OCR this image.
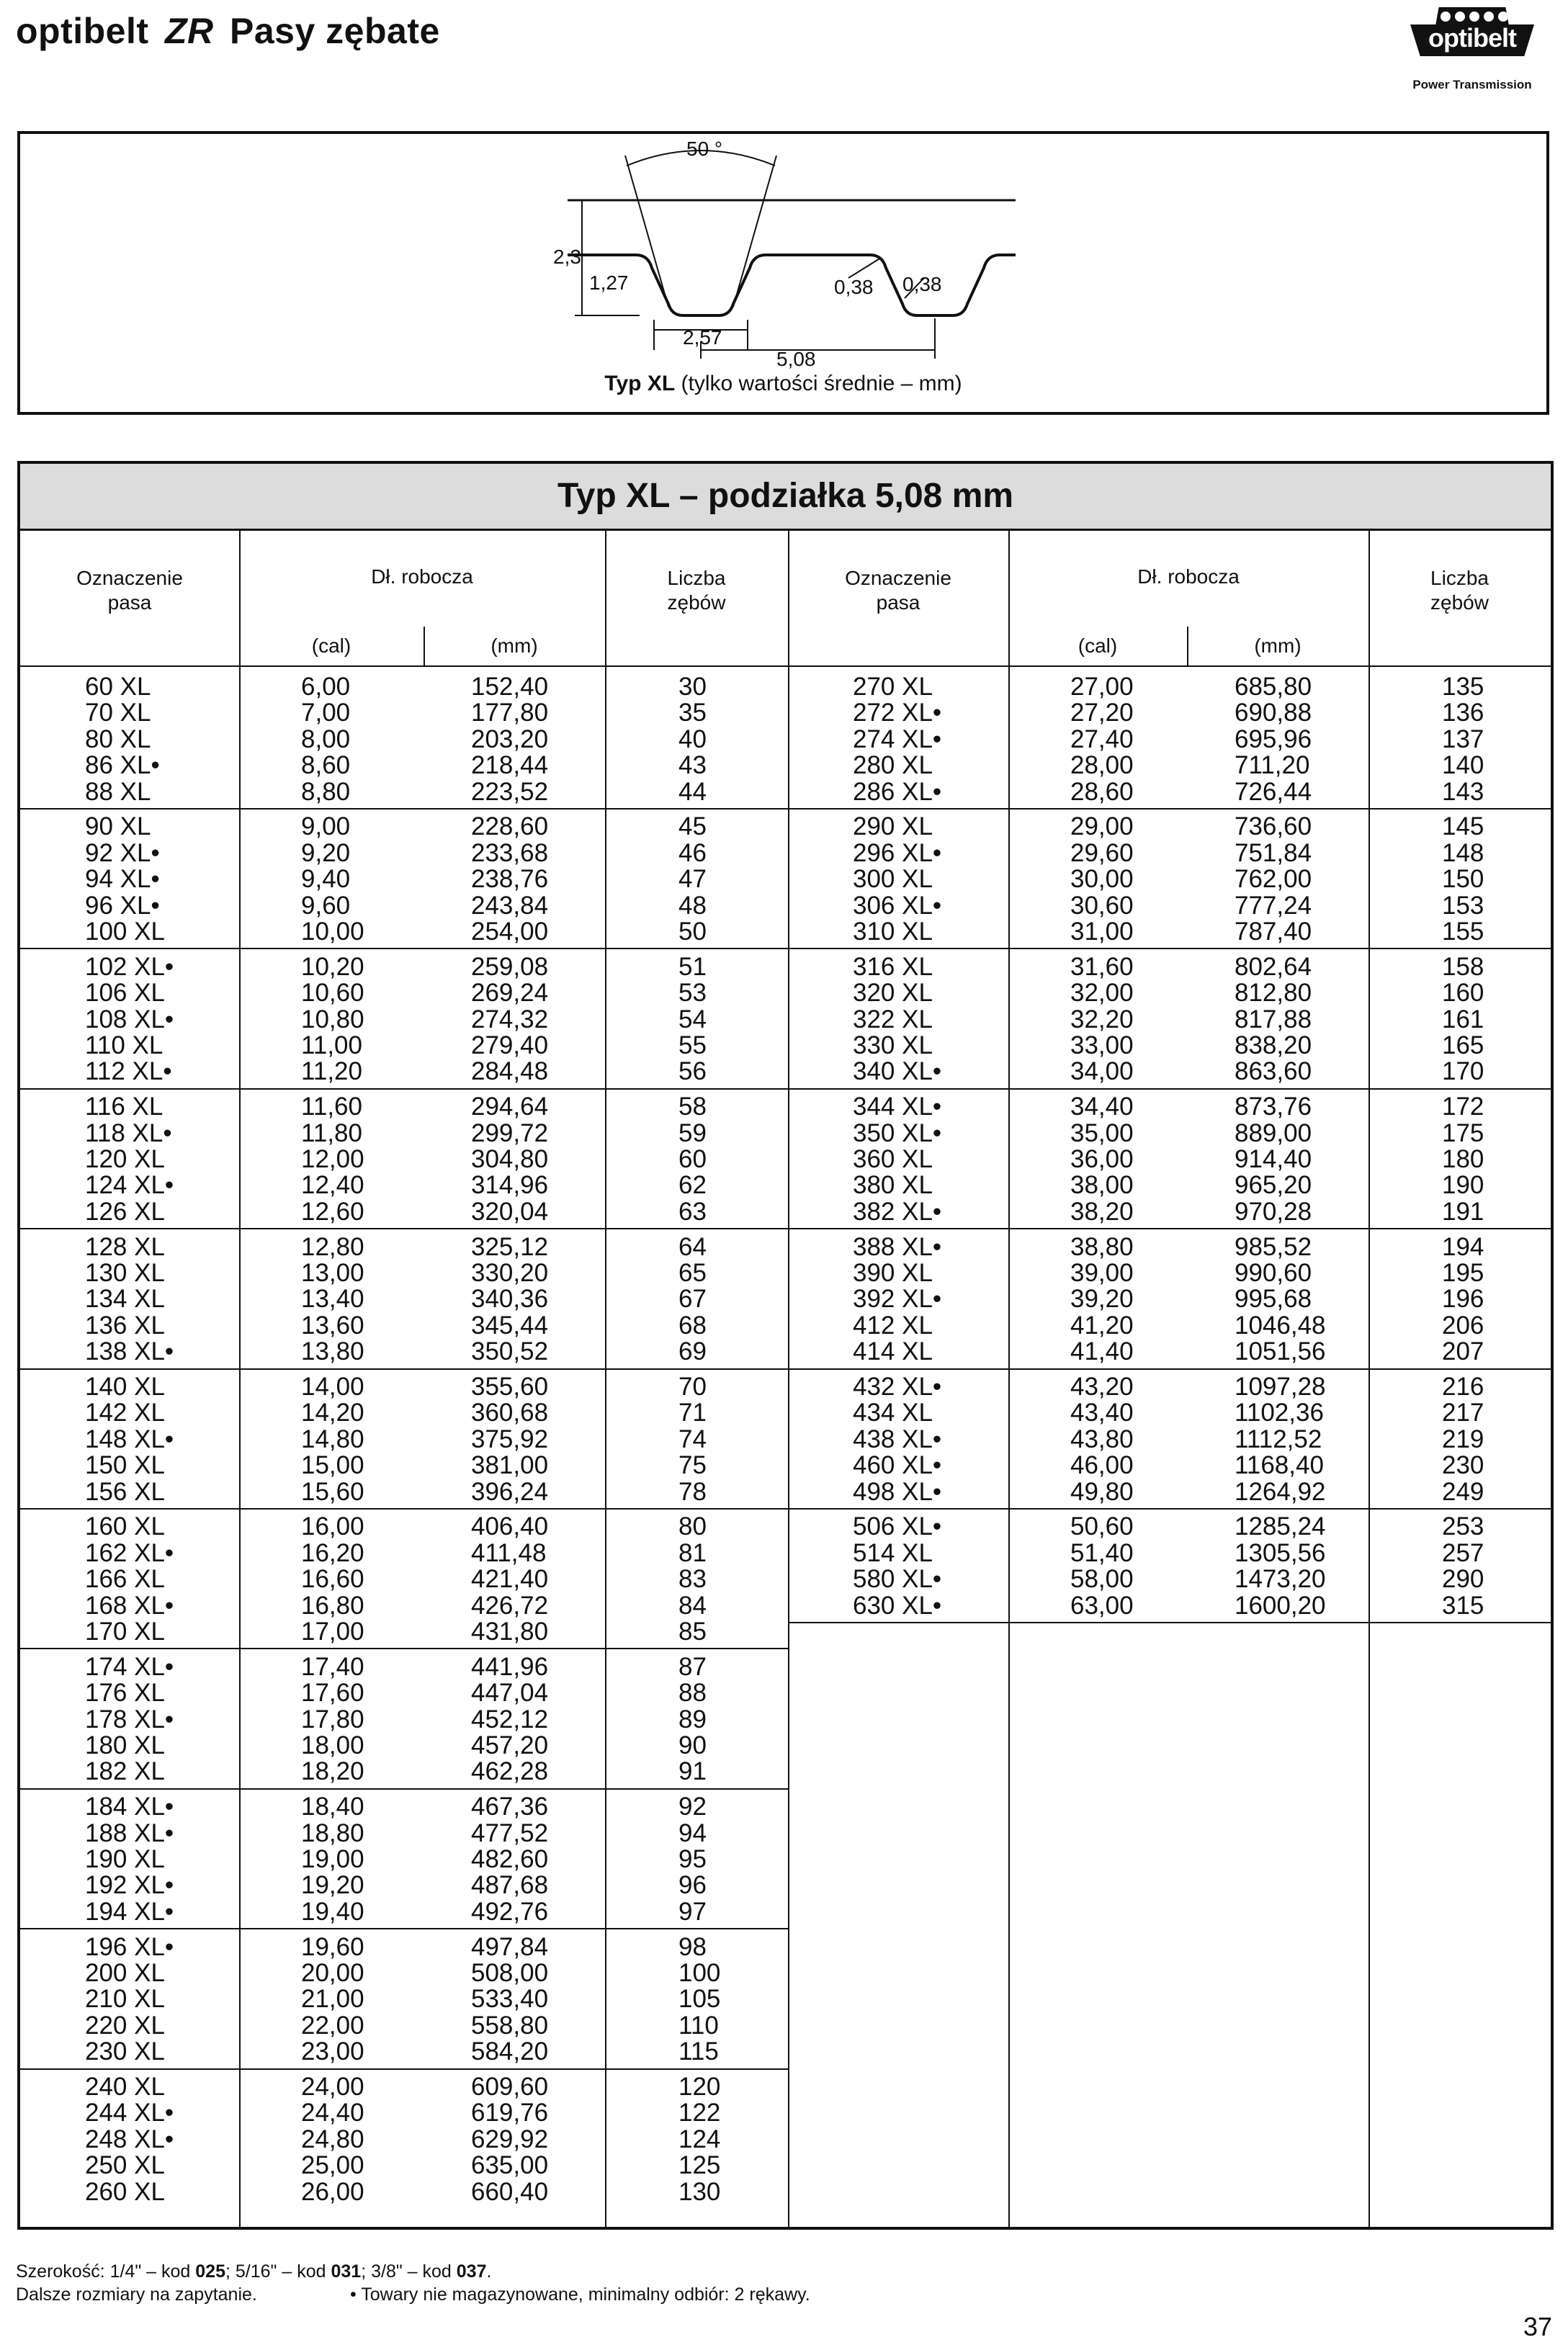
optibelt ZR Pasy zębate	optibelt
Power Transmission
50 °
2,3
1,27	0,38 0,38
2,57
5,08
Typ XL (tylko wartości średnie – mm)
Typ XL – podziałka 5,08 mm
Oznaczenie
pasa
Dł. robocza	Liczba
zębów
(cal)	(mm)
Oznaczenie
pasa
Dł. robocza	Liczba
zębów
(cal)	(mm)
60 XL	6,00	152,40	30
70 XL	7,00	177,80	35
80 XL	8,00	203,20	40
86 XL•	8,60	218,44	43
88 XL	8,80	223,52	44
90 XL	9,00	228,60	45
92 XL•	9,20	233,68	46
94 XL•	9,40	238,76	47
96 XL•	9,60	243,84	48
100 XL	10,00	254,00	50
102 XL•	10,20	259,08	51
106 XL	10,60	269,24	53
108 XL•	10,80	274,32	54
110 XL	11,00	279,40	55
112 XL•	11,20	284,48	56
116 XL	11,60	294,64	58
118 XL•	11,80	299,72	59
120 XL	12,00	304,80	60
124 XL•	12,40	314,96	62
126 XL	12,60	320,04	63
128 XL	12,80	325,12	64
130 XL	13,00	330,20	65
134 XL	13,40	340,36	67
136 XL	13,60	345,44	68
138 XL•	13,80	350,52	69
140 XL	14,00	355,60	70
142 XL	14,20	360,68	71
148 XL•	14,80	375,92	74
150 XL	15,00	381,00	75
156 XL	15,60	396,24	78
160 XL	16,00	406,40	80
162 XL•	16,20	411,48	81
166 XL	16,60	421,40	83
168 XL•	16,80	426,72	84
170 XL	17,00	431,80	85
174 XL•	17,40	441,96	87
176 XL	17,60	447,04	88
178 XL•	17,80	452,12	89
180 XL	18,00	457,20	90
182 XL	18,20	462,28	91
184 XL•	18,40	467,36	92
188 XL•	18,80	477,52	94
190 XL	19,00	482,60	95
192 XL•	19,20	487,68	96
194 XL•	19,40	492,76	97
196 XL•	19,60	497,84	98
200 XL	20,00	508,00	100
210 XL	21,00	533,40	105
220 XL	22,00	558,80	110
230 XL	23,00	584,20	115
240 XL	24,00	609,60	120
244 XL•	24,40	619,76	122
248 XL•	24,80	629,92	124
250 XL	25,00	635,00	125
260 XL	26,00	660,40	130
270 XL	27,00	685,80	135
272 XL•	27,20	690,88	136
274 XL•	27,40	695,96	137
280 XL	28,00	711,20	140
286 XL•	28,60	726,44	143
290 XL	29,00	736,60	145
296 XL•	29,60	751,84	148
300 XL	30,00	762,00	150
306 XL•	30,60	777,24	153
310 XL	31,00	787,40	155
316 XL	31,60	802,64	158
320 XL	32,00	812,80	160
322 XL	32,20	817,88	161
330 XL	33,00	838,20	165
340 XL•	34,00	863,60	170
344 XL•	34,40	873,76	172
350 XL•	35,00	889,00	175
360 XL	36,00	914,40	180
380 XL	38,00	965,20	190
382 XL•	38,20	970,28	191
388 XL•	38,80	985,52	194
390 XL	39,00	990,60	195
392 XL•	39,20	995,68	196
412 XL	41,20	1046,48	206
414 XL	41,40	1051,56	207
432 XL•	43,20	1097,28	216
434 XL	43,40	1102,36	217
438 XL•	43,80	1112,52	219
460 XL•	46,00	1168,40	230
498 XL•	49,80	1264,92	249
506 XL•	50,60	1285,24	253
514 XL	51,40	1305,56	257
580 XL•	58,00	1473,20	290
630 XL•	63,00	1600,20	315
Szerokość: 1/4" – kod 025; 5/16" – kod 031; 3/8" – kod 037.
Dalsze rozmiary na zapytanie.	• Towary nie magazynowane, minimalny odbiór: 2 rękawy.
37
